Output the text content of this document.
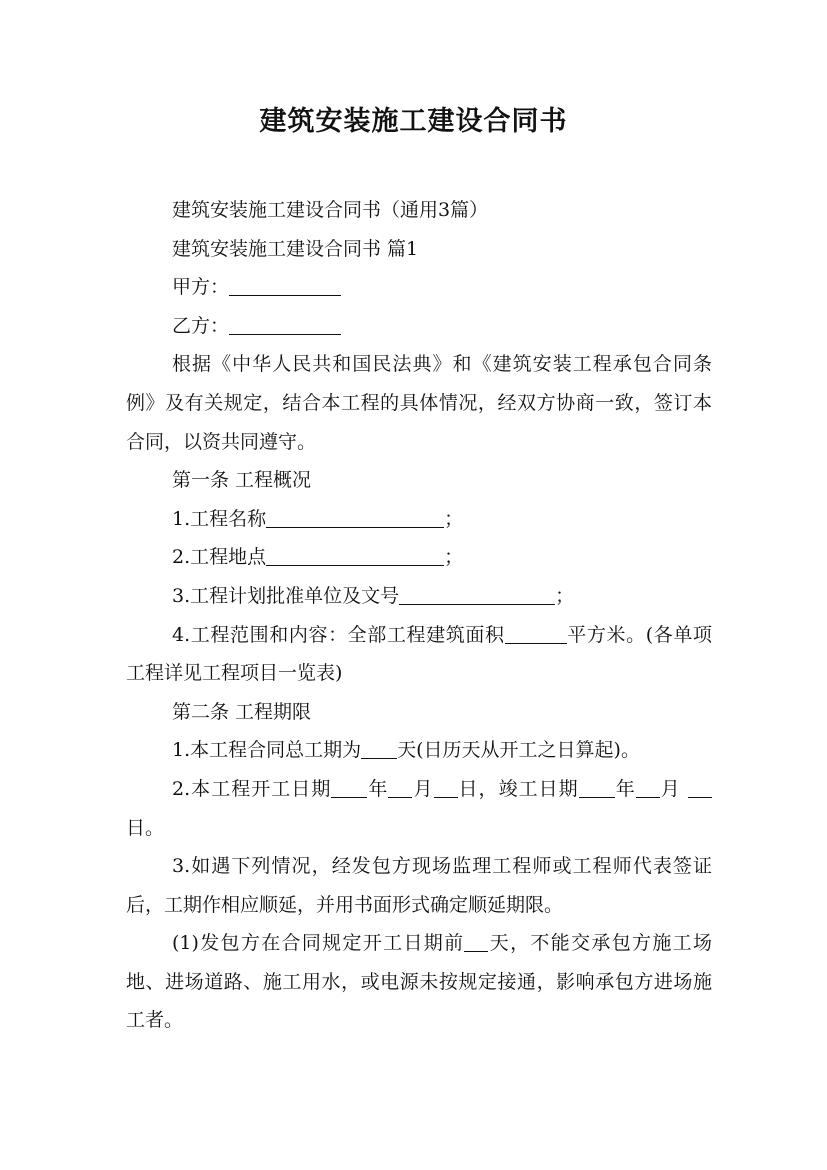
建筑安装施工建设合同书

建筑安装施工建设合同书（通用3篇）

建筑安装施工建设合同书 篇1

甲方：

乙方：

根据《中华人民共和国民法典》和《建筑安装工程承包合同条例》及有关规定，结合本工程的具体情况，经双方协商一致，签订本合同，以资共同遵守。

第一条 工程概况

1.工程名称	；

2.工程地点	；

3.工程计划批准单位及文号	；

4.工程范围和内容：全部工程建筑面积	平方米。(各单项工程详见工程项目一览表)

第二条 工程期限

1.本工程合同总工期为 天(日历天从开工之日算起)。

2.本工程开工日期 年 月 日，竣工日期 年 月 日。

3.如遇下列情况，经发包方现场监理工程师或工程师代表签证后，工期作相应顺延，并用书面形式确定顺延期限。

(1)发包方在合同规定开工日期前 天，不能交承包方施工场地、进场道路、施工用水，或电源未按规定接通，影响承包方进场施工者。
